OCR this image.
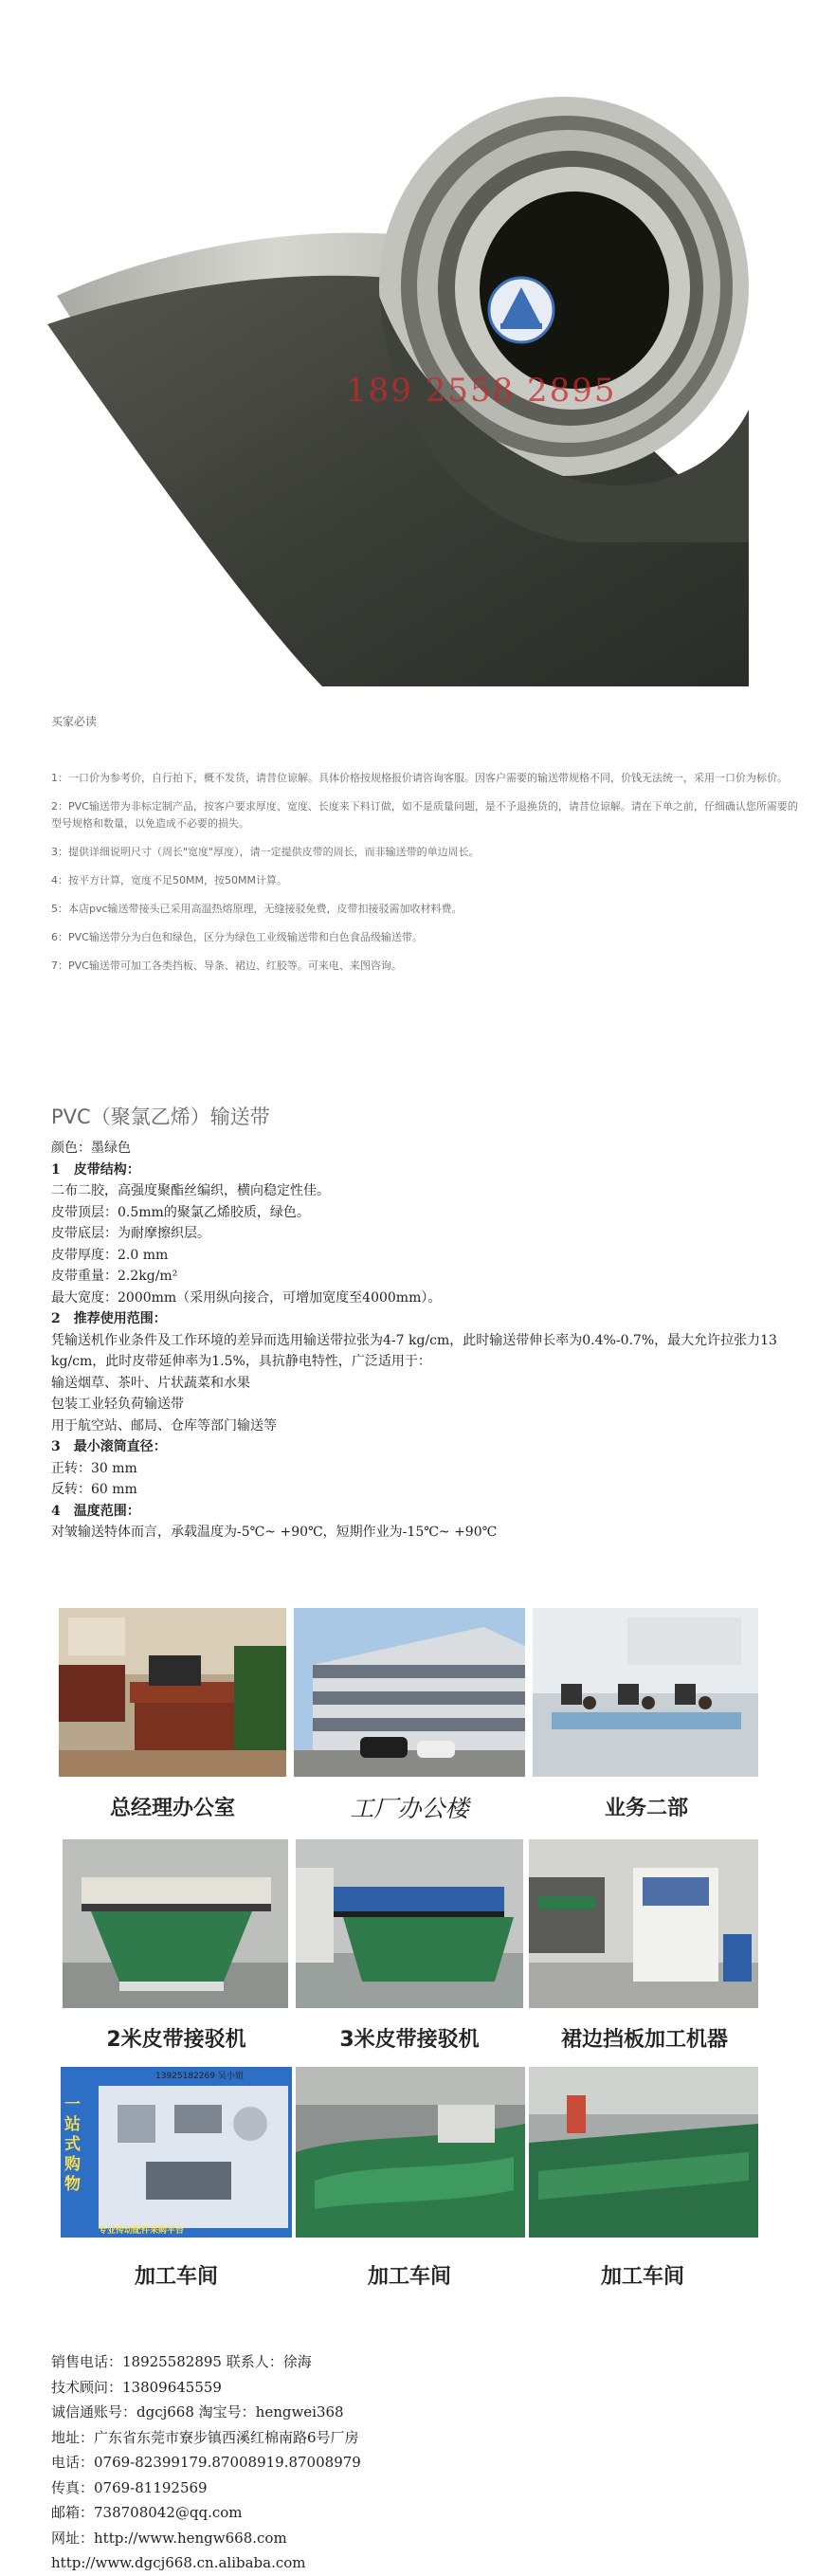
189 2558 2895
买家必读

1：一口价为参考价，自行拍下，概不发货，请昔位谅解。具体价格按规格报价请咨询客服。因客户需要的输送带规格不同，价钱无法统一，采用一口价为标价。

2：PVC输送带为非标定制产品，按客户要求厚度、宽度、长度来下料订做，如不是质量问题，是不予退换货的，请昔位谅解。请在下单之前，仔细确认您所需要的型号规格和数量，以免造成不必要的损失。

3：提供详细说明尺寸（周长"宽度"厚度），请一定提供皮带的周长，而非输送带的单边周长。

4：按平方计算，宽度不足50MM，按50MM计算。

5：本店pvc输送带接头已采用高温热熔原理，无缝接驳免费，皮带扣接驳需加收材料费。

6：PVC输送带分为白色和绿色，区分为绿色工业级输送带和白色食品级输送带。

7：PVC输送带可加工各类挡板、导条、裙边、红胶等。可来电、来图咨询。

PVC（聚氯乙烯）输送带
颜色：墨绿色
1　皮带结构：
二布二胶，高强度聚酯丝编织，横向稳定性佳。
皮带顶层：0.5mm的聚氯乙烯胶质，绿色。
皮带底层：为耐摩擦织层。
皮带厚度：2.0 mm
皮带重量：2.2kg/m²
最大宽度：2000mm（采用纵向接合，可增加宽度至4000mm）。
2　推荐使用范围：
凭输送机作业条件及工作环境的差异而选用输送带拉张为4-7 kg/cm，此时输送带伸长率为0.4%-0.7%，最大允许拉张力13 kg/cm，此时皮带延伸率为1.5%，具抗静电特性，广泛适用于：
输送烟草、茶叶、片状蔬菜和水果
包装工业轻负荷输送带
用于航空站、邮局、仓库等部门输送等
3　最小滚筒直径：
正转：30 mm
反转：60 mm
4　温度范围：
对皱输送特体而言，承载温度为-5℃~ +90℃，短期作业为-15℃~ +90℃
总经理办公室	工厂办公楼	业务二部
2米皮带接驳机	3米皮带接驳机	裙边挡板加工机器
一站式购物
13925182269 吴小姐
专业传动配件采购平台
加工车间	加工车间	加工车间
销售电话：18925582895 联系人：徐海
技术顾问：13809645559
诚信通账号：dgcj668 淘宝号：hengwei368
地址：广东省东莞市寮步镇西溪红棉南路6号厂房
电话：0769-82399179.87008919.87008979
传真：0769-81192569
邮箱：738708042@qq.com
网址：http://www.hengw668.com
http://www.dgcj668.cn.alibaba.com
